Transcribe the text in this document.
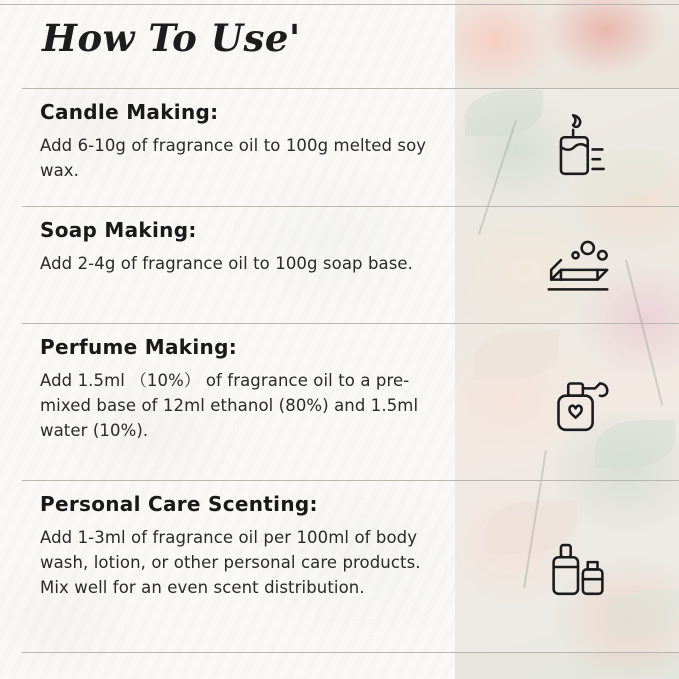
How To Use'
Candle Making:

Add 6-10g of fragrance oil to 100g melted soy wax.

Soap Making:

Add 2-4g of fragrance oil to 100g soap base.

Perfume Making:

Add 1.5ml （10%） of fragrance oil to a pre-mixed base of 12ml ethanol (80%) and 1.5ml water (10%).

Personal Care Scenting:

Add 1-3ml of fragrance oil per 100ml of body wash, lotion, or other personal care products. Mix well for an even scent distribution.
